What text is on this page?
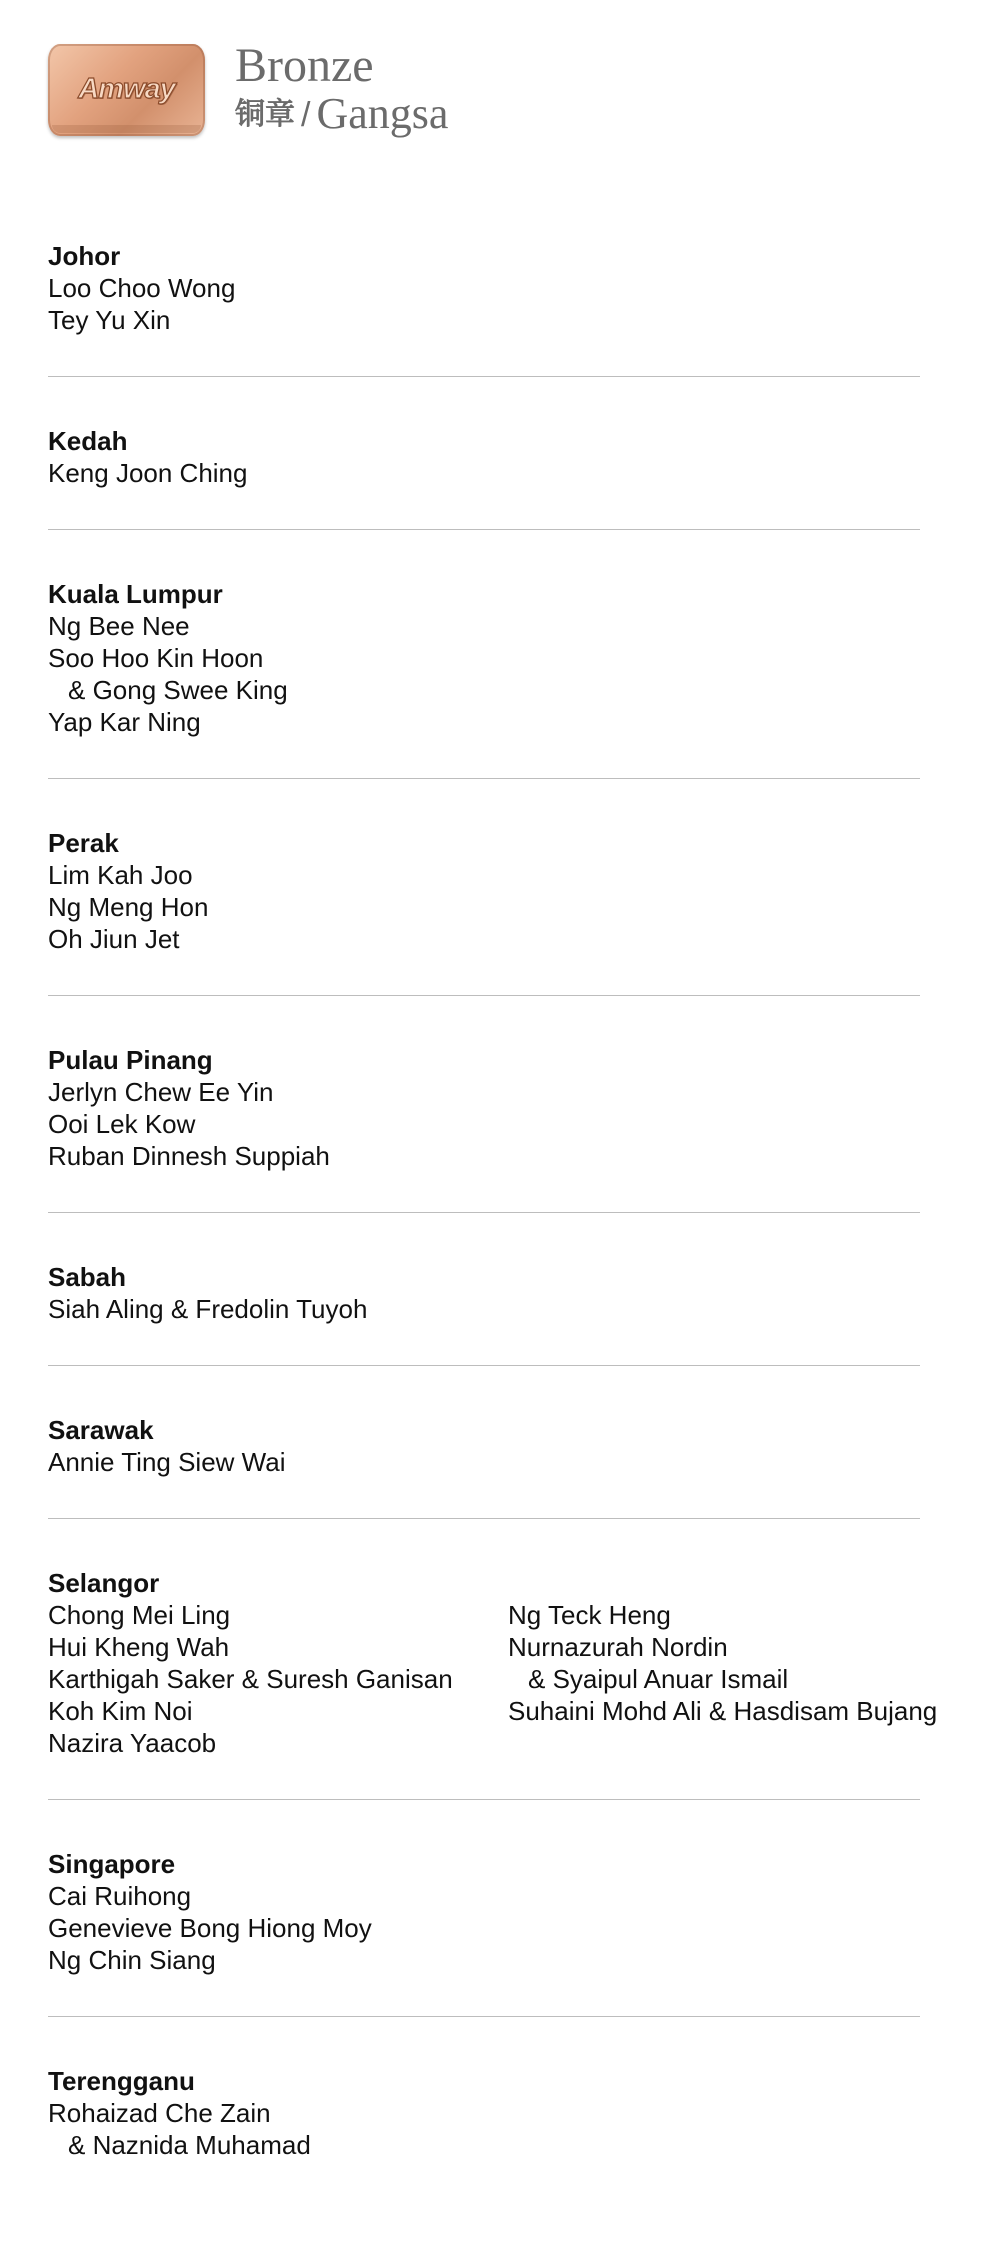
Amway Bronze
铜章 / Gangsa
Johor
Loo Choo Wong
Tey Yu Xin
Kedah
Keng Joon Ching
Kuala Lumpur
Ng Bee Nee
Soo Hoo Kin Hoon
& Gong Swee King
Yap Kar Ning
Perak
Lim Kah Joo
Ng Meng Hon
Oh Jiun Jet
Pulau Pinang
Jerlyn Chew Ee Yin
Ooi Lek Kow
Ruban Dinnesh Suppiah
Sabah
Siah Aling & Fredolin Tuyoh
Sarawak
Annie Ting Siew Wai
Selangor
Chong Mei Ling
Hui Kheng Wah
Karthigah Saker & Suresh Ganisan
Koh Kim Noi
Nazira Yaacob
Ng Teck Heng
Nurnazurah Nordin
& Syaipul Anuar Ismail
Suhaini Mohd Ali & Hasdisam Bujang
Singapore
Cai Ruihong
Genevieve Bong Hiong Moy
Ng Chin Siang
Terengganu
Rohaizad Che Zain
& Naznida Muhamad
